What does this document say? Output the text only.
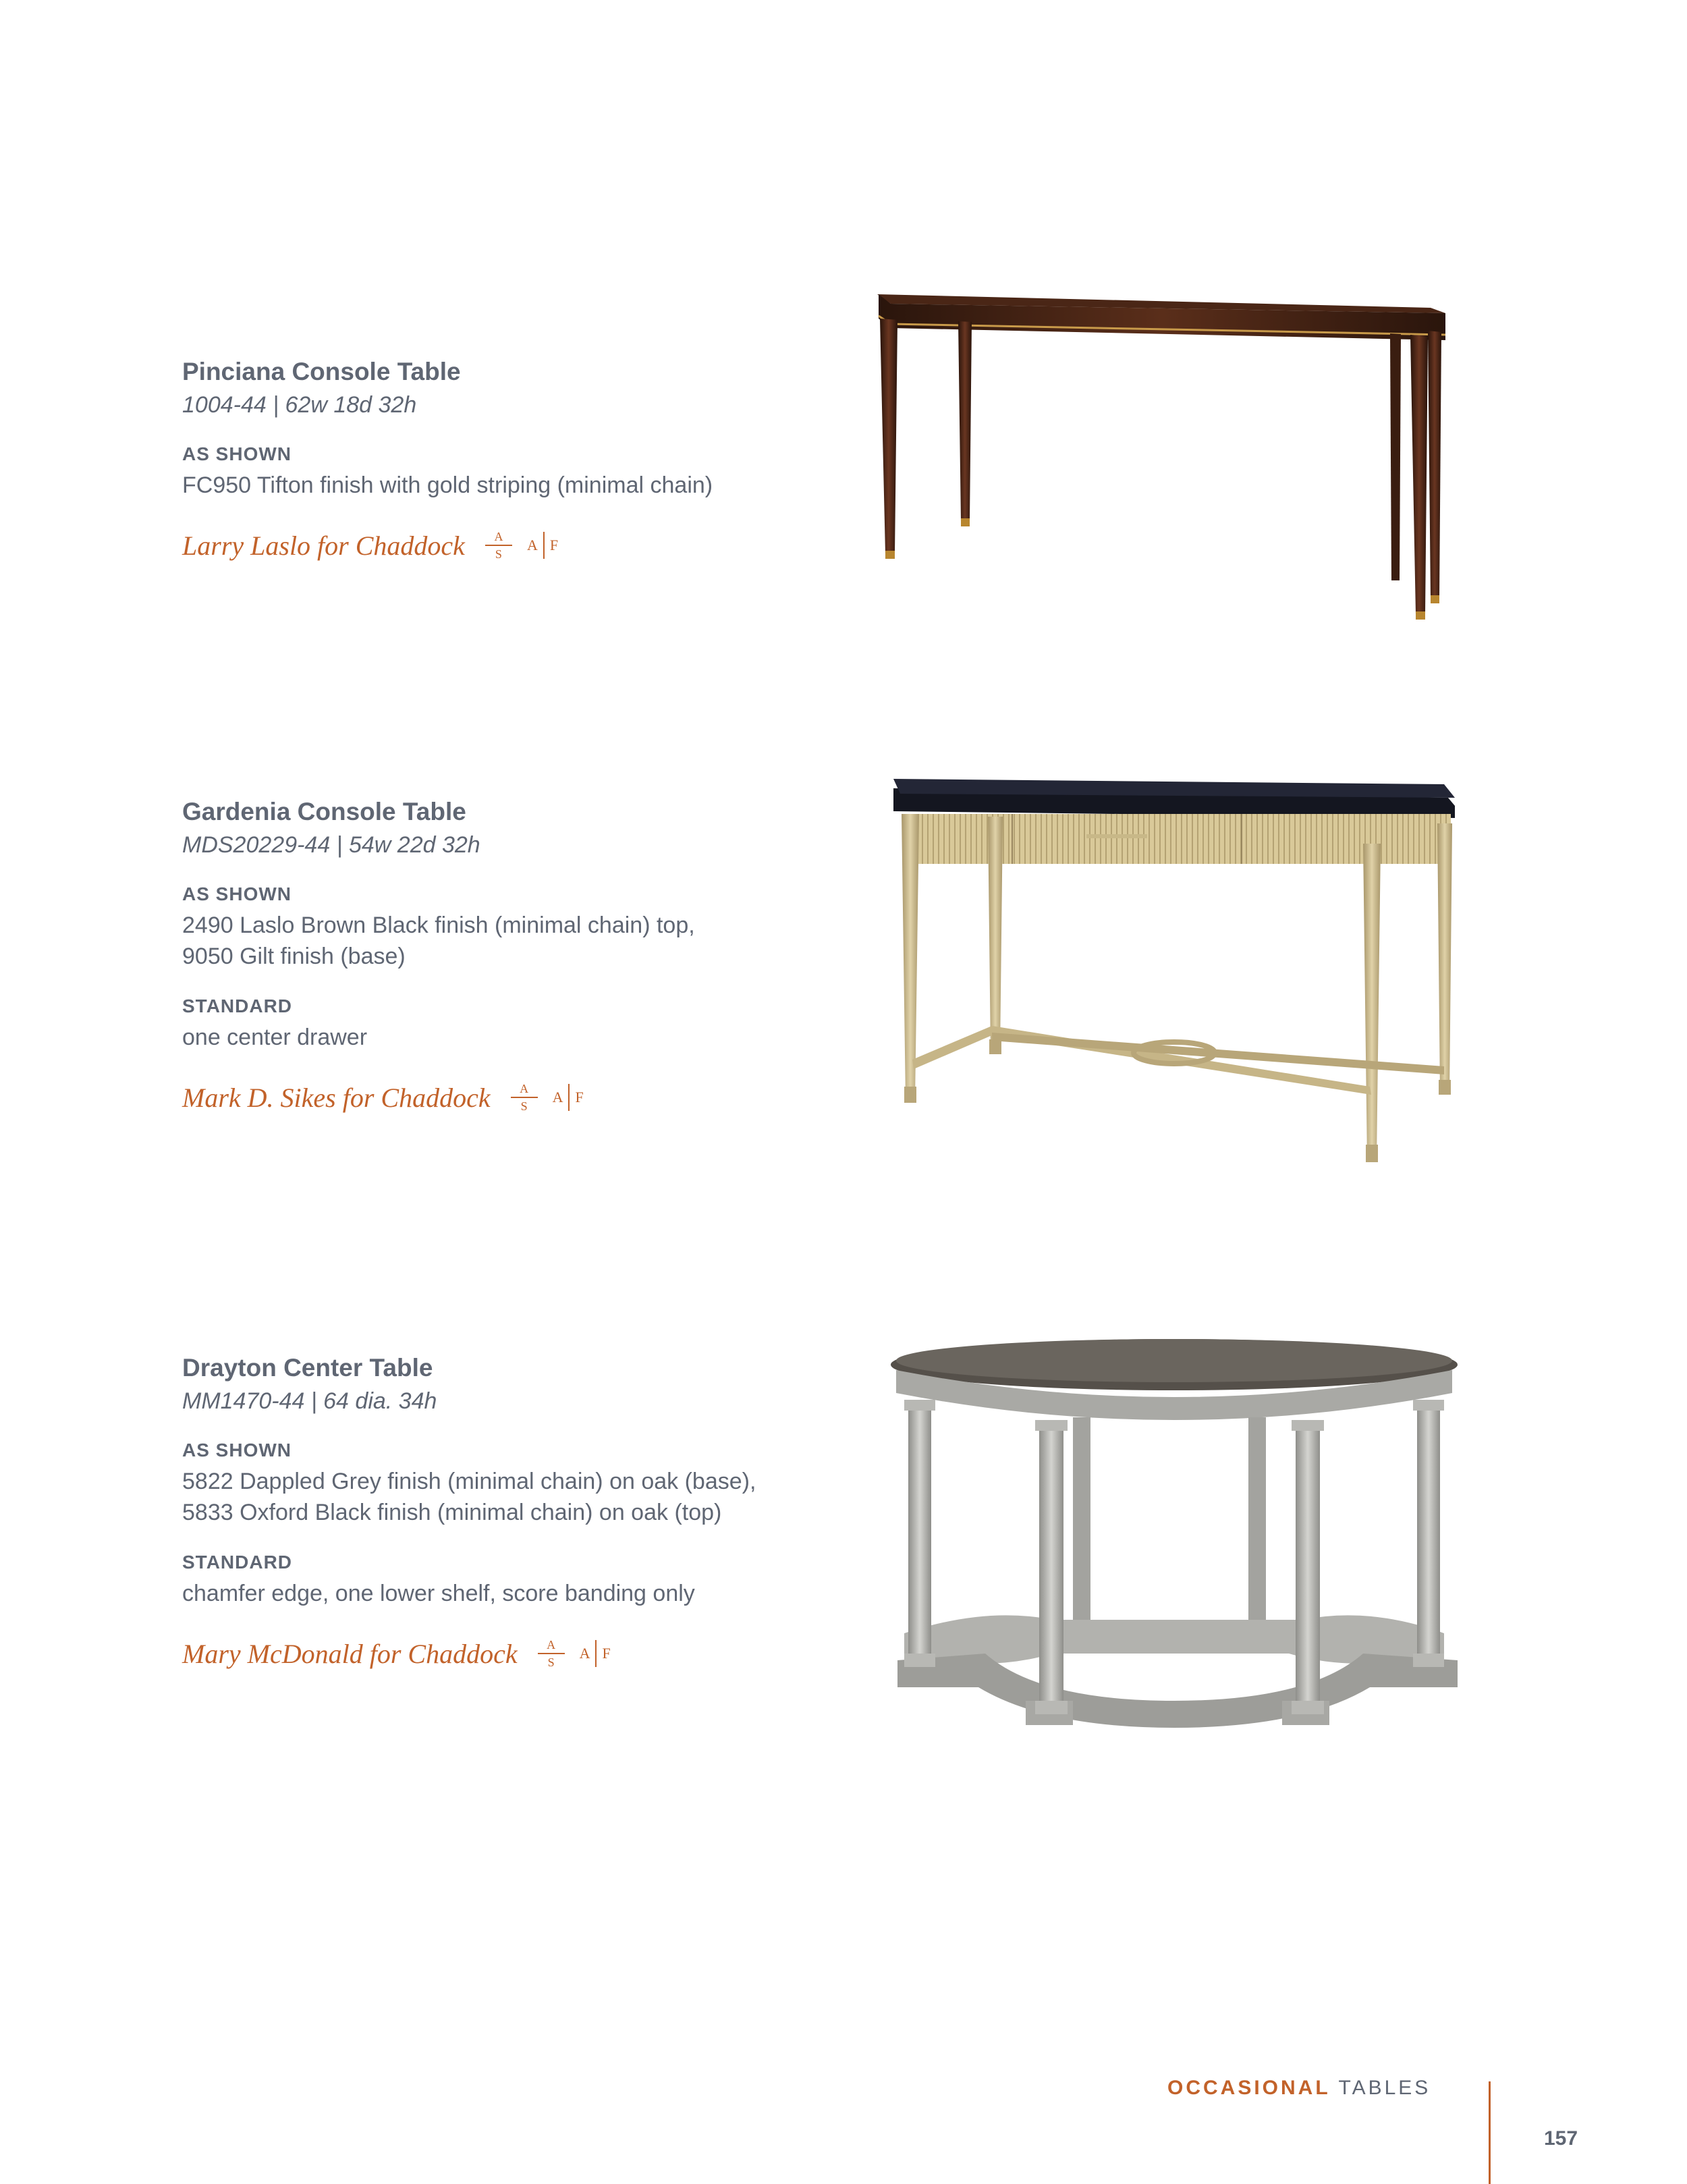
Pinciana Console Table

1004-44 | 62w 18d 32h

AS SHOWN

FC950 Tifton finish with gold striping (minimal chain)

Larry Laslo for Chaddock $\frac{A}{S}$ A F

Gardenia Console Table

MDS20229-44 | 54w 22d 32h

AS SHOWN

2490 Laslo Brown Black finish (minimal chain) top,
9050 Gilt finish (base)

STANDARD

one center drawer

Mark D. Sikes for Chaddock $\frac{A}{S}$ A F

Drayton Center Table

MM1470-44 | 64 dia. 34h

AS SHOWN

5822 Dappled Grey finish (minimal chain) on oak (base),
5833 Oxford Black finish (minimal chain) on oak (top)

STANDARD

chamfer edge, one lower shelf, score banding only

Mary McDonald for Chaddock $\frac{A}{S}$ A F
OCCASIONAL TABLES
157
